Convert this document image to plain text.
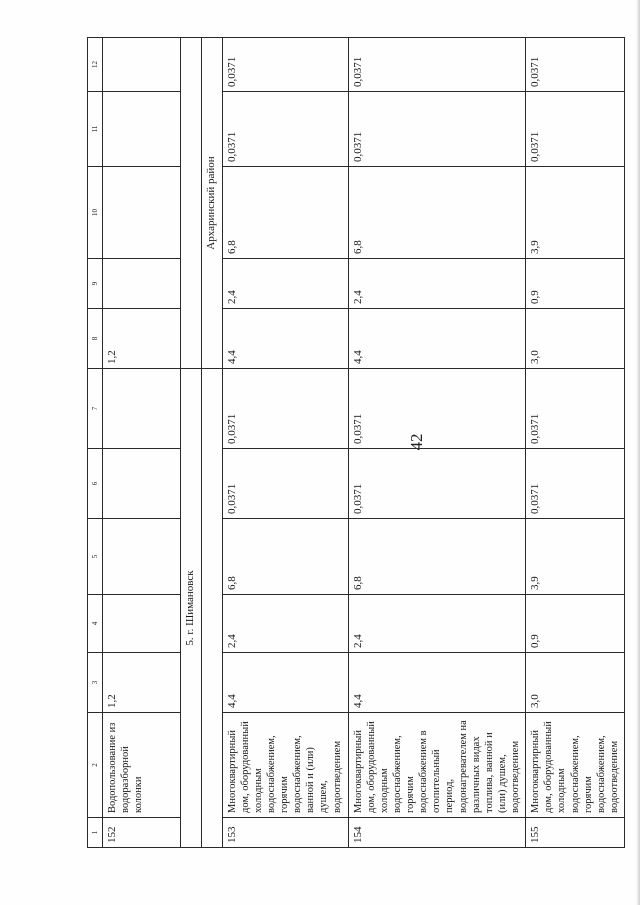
42
1	2	3	4	5	6	7	8	9	10	11	12
152	Водопользование из водоразборной колонки	1,2					1,2				
5. г. Шимановск											
							Архаринский район				
153	Многоквартирный дом, оборудованный холодным водоснабжением, горячим водоснабжением, ванной и (или) душем, водоотведением	4,4	2,4	6,8	0,0371	0,0371	4,4	2,4	6,8	0,0371	0,0371
154	Многоквартирный дом, оборудованный холодным водоснабжением, горячим водоснабжением в отопительный период, водонагревателем на различных видах топлива, ванной и (или) душем, водоотведением	4,4	2,4	6,8	0,0371	0,0371	4,4	2,4	6,8	0,0371	0,0371
155	Многоквартирный дом, оборудованный холодным водоснабжением, горячим водоснабжением, водоотведением	3,0	0,9	3,9	0,0371	0,0371	3,0	0,9	3,9	0,0371	0,0371
